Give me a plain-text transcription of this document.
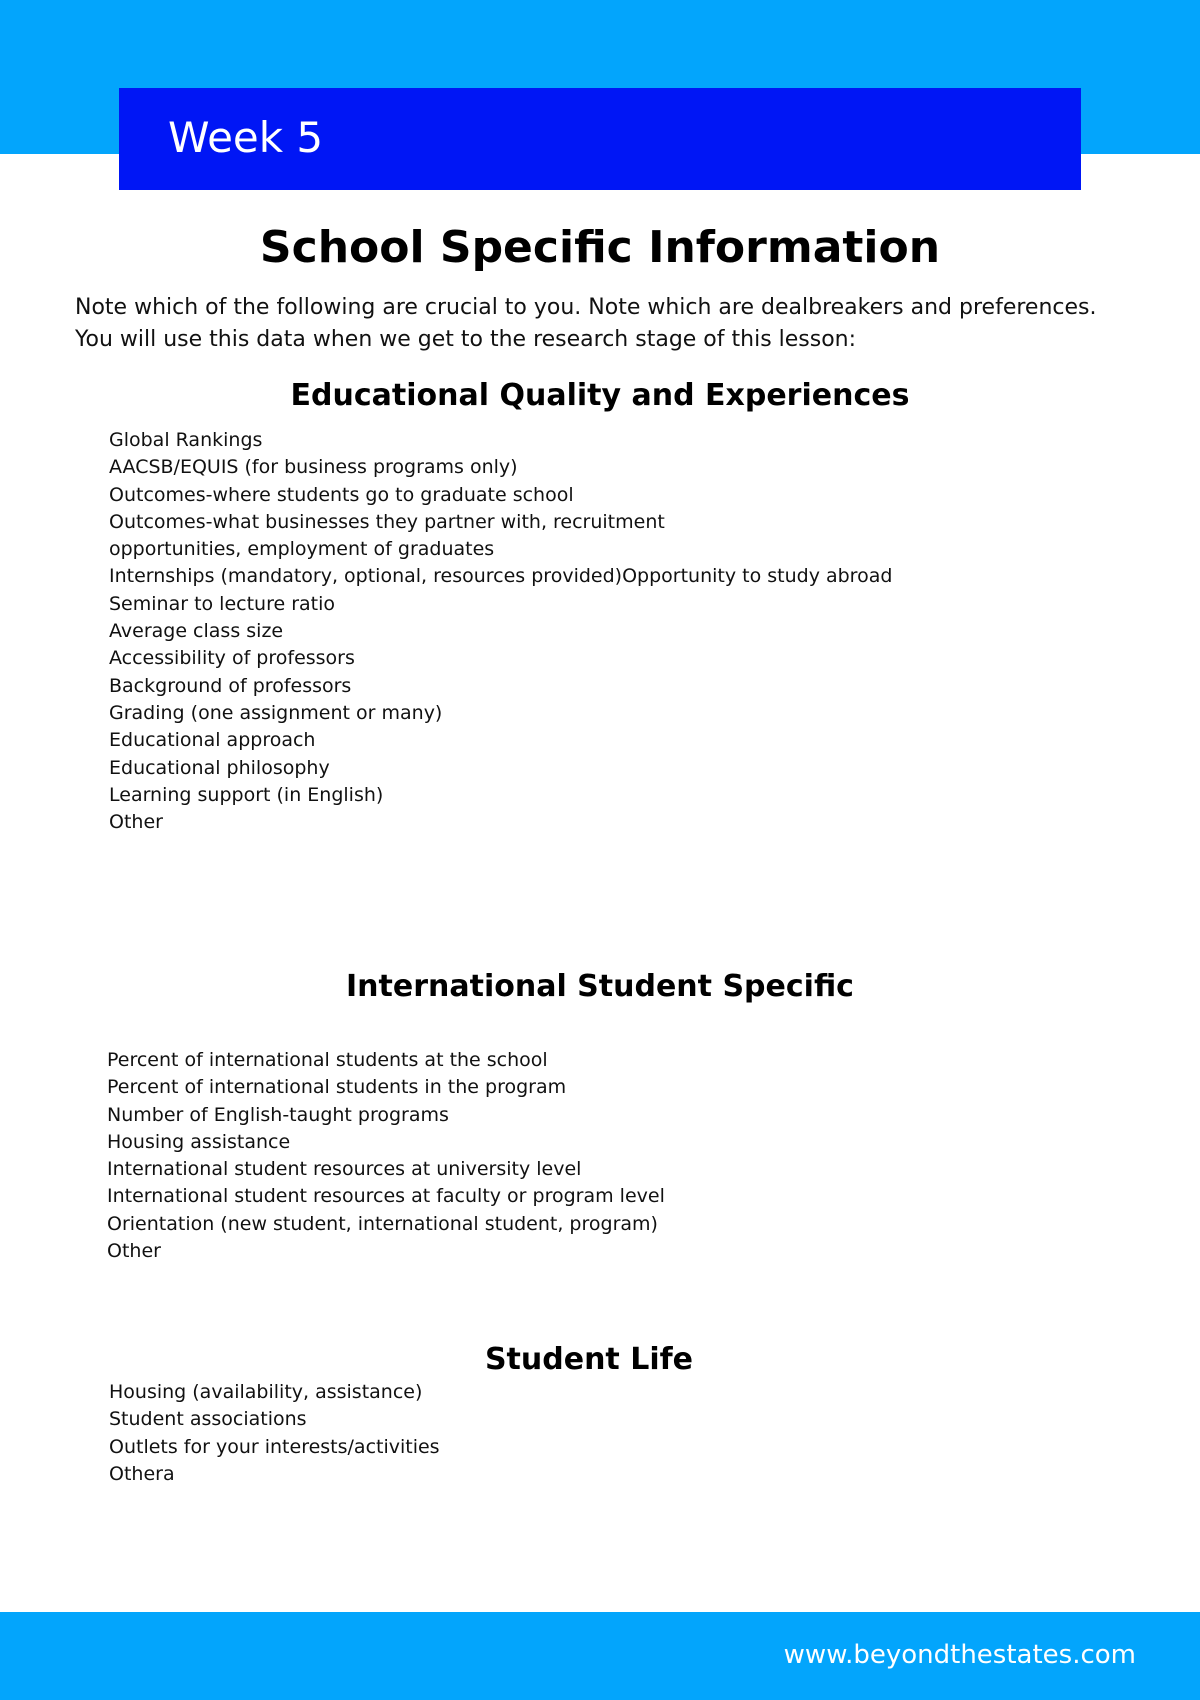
Week 5
School Specific Information

Note which of the following are crucial to you. Note which are dealbreakers and preferences.
You will use this data when we get to the research stage of this lesson:

Educational Quality and Experiences
Global Rankings
AACSB/EQUIS (for business programs only)
Outcomes-where students go to graduate school
Outcomes-what businesses they partner with, recruitment
opportunities, employment of graduates
Internships (mandatory, optional, resources provided)Opportunity to study abroad
Seminar to lecture ratio
Average class size
Accessibility of professors
Background of professors
Grading (one assignment or many)
Educational approach
Educational philosophy
Learning support (in English)
Other
International Student Specific
Percent of international students at the school
Percent of international students in the program
Number of English-taught programs
Housing assistance
International student resources at university level
International student resources at faculty or program level
Orientation (new student, international student, program)
Other
Student Life
Housing (availability, assistance)
Student associations
Outlets for your interests/activities
Othera
www.beyondthestates.com
